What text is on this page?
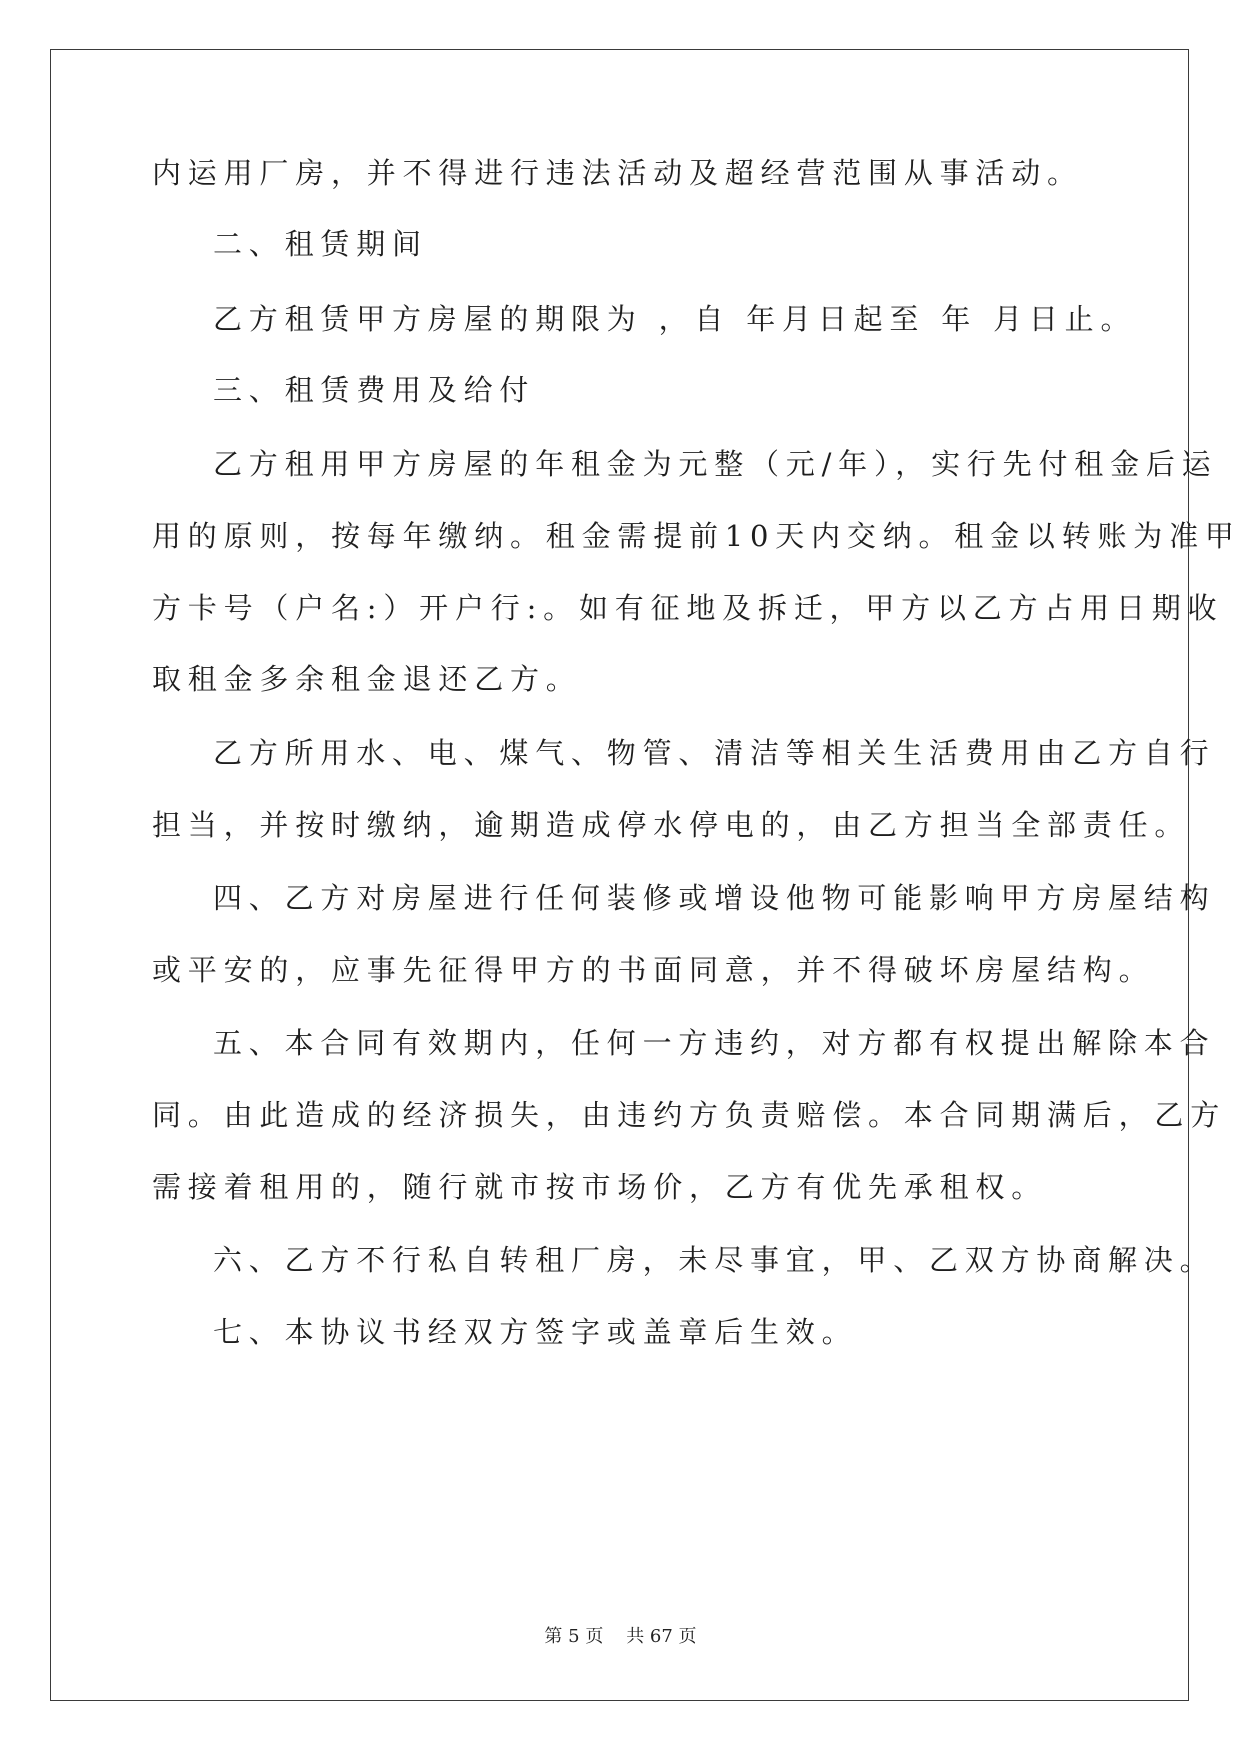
内运用厂房，并不得进行违法活动及超经营范围从事活动。

二、租赁期间

乙方租赁甲方房屋的期限为 ，自 年月日起至 年 月日止。

三、租赁费用及给付

乙方租用甲方房屋的年租金为元整（元/年），实行先付租金后运

用的原则，按每年缴纳。租金需提前10天内交纳。租金以转账为准甲

方卡号（户名:）开户行:。如有征地及拆迁，甲方以乙方占用日期收

取租金多余租金退还乙方。

乙方所用水、电、煤气、物管、清洁等相关生活费用由乙方自行

担当，并按时缴纳，逾期造成停水停电的，由乙方担当全部责任。

四、乙方对房屋进行任何装修或增设他物可能影响甲方房屋结构

或平安的，应事先征得甲方的书面同意，并不得破坏房屋结构。

五、本合同有效期内，任何一方违约，对方都有权提出解除本合

同。由此造成的经济损失，由违约方负责赔偿。本合同期满后，乙方

需接着租用的，随行就市按市场价，乙方有优先承租权。

六、乙方不行私自转租厂房，未尽事宜，甲、乙双方协商解决。

七、本协议书经双方签字或盖章后生效。

第 5 页    共 67 页
